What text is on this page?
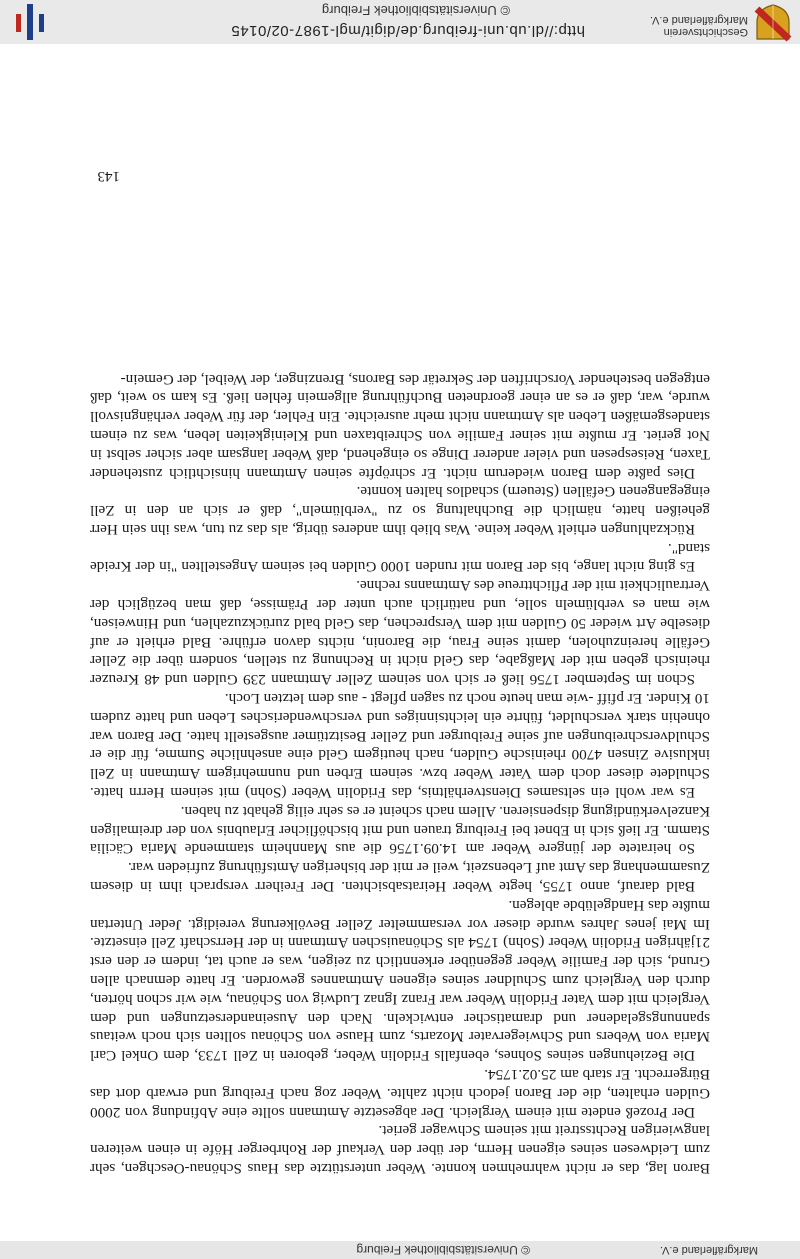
Geschichtsverein
Markgräflerland e.V.
http://dl.ub.uni-freiburg.de/digit/mgl-1987-02/0145
© Universitätsbibliothek Freiburg
© Universitätsbibliothek Freiburg	Markgräflerland e.V.

Baron lag, das er nicht wahrnehmen konnte. Weber unterstützte das Haus Schönau-Oeschgen, sehr zum Leidwesen seines eigenen Herrn, der über den Verkauf der Rohrberger Höfe in einen weiteren langwierigen Rechtsstreit mit seinem Schwager geriet.

Der Prozeß endete mit einem Vergleich. Der abgesetzte Amtmann sollte eine Abfindung von 2000 Gulden erhalten, die der Baron jedoch nicht zahlte. Weber zog nach Freiburg und erwarb dort das Bürgerrecht. Er starb am 25.02.1754.

Die Beziehungen seines Sohnes, ebenfalls Fridolin Weber, geboren in Zell 1733, dem Onkel Carl Maria von Webers und Schwiegervater Mozarts, zum Hause von Schönau sollten sich noch weitaus spannungsgeladener und dramatischer entwickeln. Nach den Auseinandersetzungen und dem Vergleich mit dem Vater Fridolin Weber war Franz Ignaz Ludwig von Schönau, wie wir schon hörten, durch den Vergleich zum Schuldner seines eigenen Amtmannes geworden. Er hatte demnach allen Grund, sich der Familie Weber gegenüber erkenntlich zu zeigen, was er auch tat, indem er den erst 21jährigen Fridolin Weber (Sohn) 1754 als Schönauischen Amtmann in der Herrschaft Zell einsetzte. Im Mai jenes Jahres wurde dieser vor versammelter Zeller Bevölkerung vereidigt. Jeder Untertan mußte das Handgelübde ablegen.

Bald darauf, anno 1755, hegte Weber Heiratsabsichten. Der Freiherr versprach ihm in diesem Zusammenhang das Amt auf Lebenszeit, weil er mit der bisherigen Amtsführung zufrieden war.

So heiratete der jüngere Weber am 14.09.1756 die aus Mannheim stammende Maria Cäcilia Stamm. Er ließ sich in Ebnet bei Freiburg trauen und mit bischöflicher Erlaubnis von der dreimaligen Kanzelverkündigung dispensieren. Allem nach scheint er es sehr eilig gehabt zu haben.

Es war wohl ein seltsames Dienstverhältnis, das Fridolin Weber (Sohn) mit seinem Herrn hatte. Schuldete dieser doch dem Vater Weber bzw. seinem Erben und nunmehrigem Amtmann in Zell inklusive Zinsen 4700 rheinische Gulden, nach heutigem Geld eine ansehnliche Summe, für die er Schuldverschreibungen auf seine Freiburger und Zeller Besitztümer ausgestellt hatte. Der Baron war ohnehin stark verschuldet, führte ein leichtsinniges und verschwenderisches Leben und hatte zudem 10 Kinder. Er pfiff -wie man heute noch zu sagen pflegt - aus dem letzten Loch.

Schon im September 1756 ließ er sich von seinem Zeller Amtmann 239 Gulden und 48 Kreuzer rheinisch geben mit der Maßgabe, das Geld nicht in Rechnung zu stellen, sondern über die Zeller Gefälle hereinzuholen, damit seine Frau, die Baronin, nichts davon erführe. Bald erhielt er auf dieselbe Art wieder 50 Gulden mit dem Versprechen, das Geld bald zurückzuzahlen, und Hinweisen, wie man es verblümeln solle, und natürlich auch unter der Prämisse, daß man bezüglich der Vertraulichkeit mit der Pflichttreue des Amtmanns rechne.

Es ging nicht lange, bis der Baron mit runden 1000 Gulden bei seinem Angestellten "in der Kreide stand".

Rückzahlungen erhielt Weber keine. Was blieb ihm anderes übrig, als das zu tun, was ihn sein Herr geheißen hatte, nämlich die Buchhaltung so zu "verblümeln", daß er sich an den in Zell eingegangenen Gefällen (Steuern) schadlos halten konnte.

Dies paßte dem Baron wiederum nicht. Er schröpfte seinen Amtmann hinsichtlich zustehender Taxen, Reisespesen und vieler anderer Dinge so eingehend, daß Weber langsam aber sicher selbst in Not geriet. Er mußte mit seiner Familie von Schreibtaxen und Kleinigkeiten leben, was zu einem standesgemäßen Leben als Amtmann nicht mehr ausreichte. Ein Fehler, der für Weber verhängnisvoll wurde, war, daß er es an einer geordneten Buchführung allgemein fehlen ließ. Es kam so weit, daß entgegen bestehender Vorschriften der Sekretär des Barons, Brenzinger, der Weibel, der Gemein-

143
